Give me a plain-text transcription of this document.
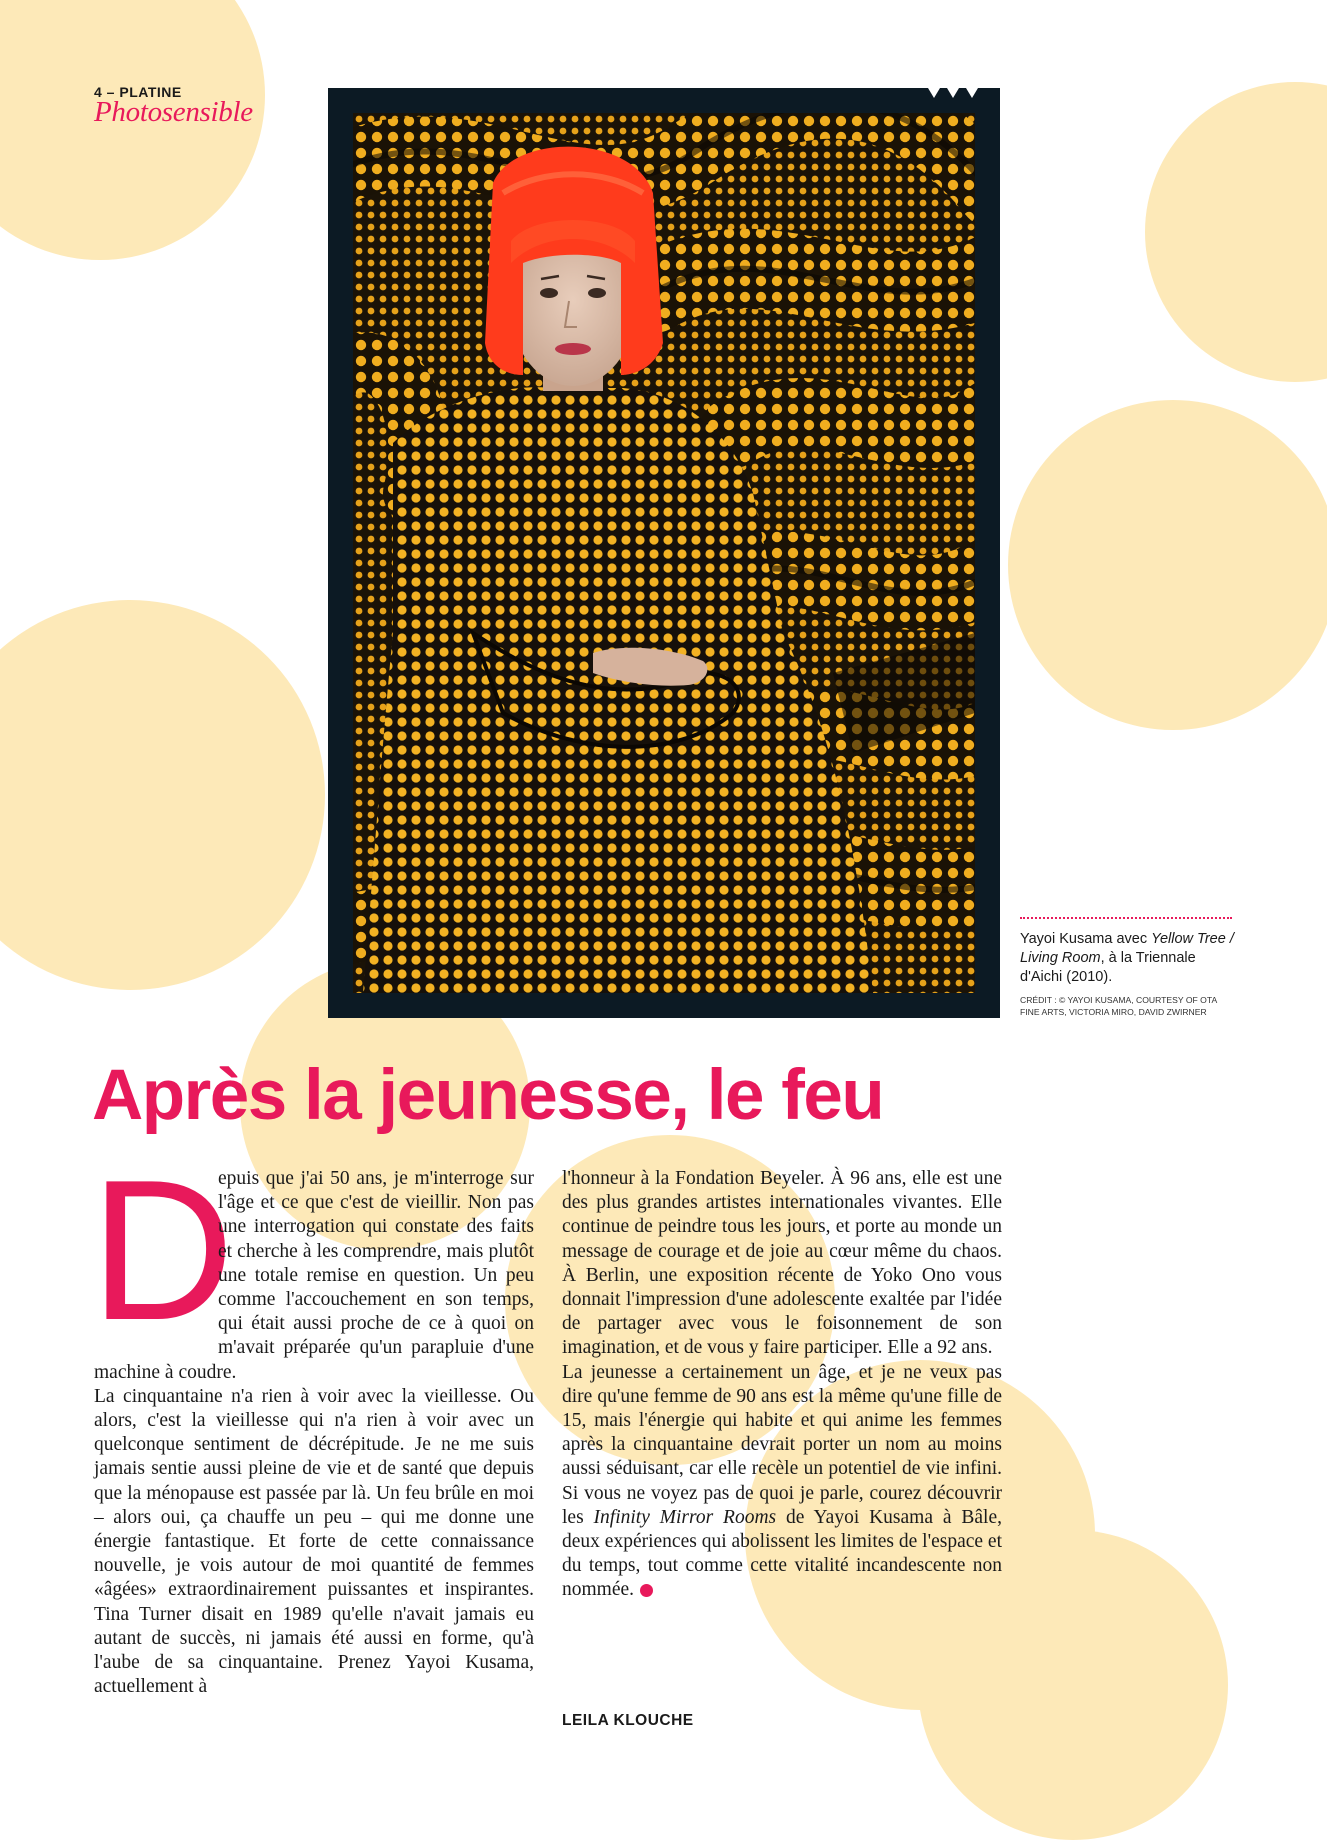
4 – PLATINE
Photosensible
Yayoi Kusama avec Yellow Tree / Living Room, à la Triennale d'Aichi (2010).
CRÉDIT : © YAYOI KUSAMA, COURTESY OF OTA FINE ARTS, VICTORIA MIRO, DAVID ZWIRNER
Après la jeunesse, le feu

D
epuis que j'ai 50 ans, je m'interroge sur l'âge et ce que c'est de vieillir. Non pas une interrogation qui constate des faits et cherche à les comprendre, mais plutôt une totale remise en question. Un peu comme l'accouchement en son temps, qui était aussi proche de ce à quoi on m'avait préparée qu'un parapluie d'une machine à coudre.

La cinquantaine n'a rien à voir avec la vieillesse. Ou alors, c'est la vieillesse qui n'a rien à voir avec un quelconque sentiment de décrépitude. Je ne me suis jamais sentie aussi pleine de vie et de santé que depuis que la ménopause est passée par là. Un feu brûle en moi – alors oui, ça chauffe un peu – qui me donne une énergie fantastique. Et forte de cette connaissance nouvelle, je vois autour de moi quantité de femmes «âgées» extraordinairement puissantes et inspirantes. Tina Turner disait en 1989 qu'elle n'avait jamais eu autant de succès, ni jamais été aussi en forme, qu'à l'aube de sa cinquantaine. Prenez Yayoi Kusama, actuellement à

l'honneur à la Fondation Beyeler. À 96 ans, elle est une des plus grandes artistes internationales vivantes. Elle continue de peindre tous les jours, et porte au monde un message de courage et de joie au cœur même du chaos. À Berlin, une exposition récente de Yoko Ono vous donnait l'impression d'une adolescente exaltée par l'idée de partager avec vous le foisonnement de son imagination, et de vous y faire participer. Elle a 92 ans.

La jeunesse a certainement un âge, et je ne veux pas dire qu'une femme de 90 ans est la même qu'une fille de 15, mais l'énergie qui habite et qui anime les femmes après la cinquantaine devrait porter un nom au moins aussi séduisant, car elle recèle un potentiel de vie infini. Si vous ne voyez pas de quoi je parle, courez découvrir les Infinity Mirror Rooms de Yayoi Kusama à Bâle, deux expériences qui abolissent les limites de l'espace et du temps, tout comme cette vitalité incandescente non nommée.

LEILA KLOUCHE
